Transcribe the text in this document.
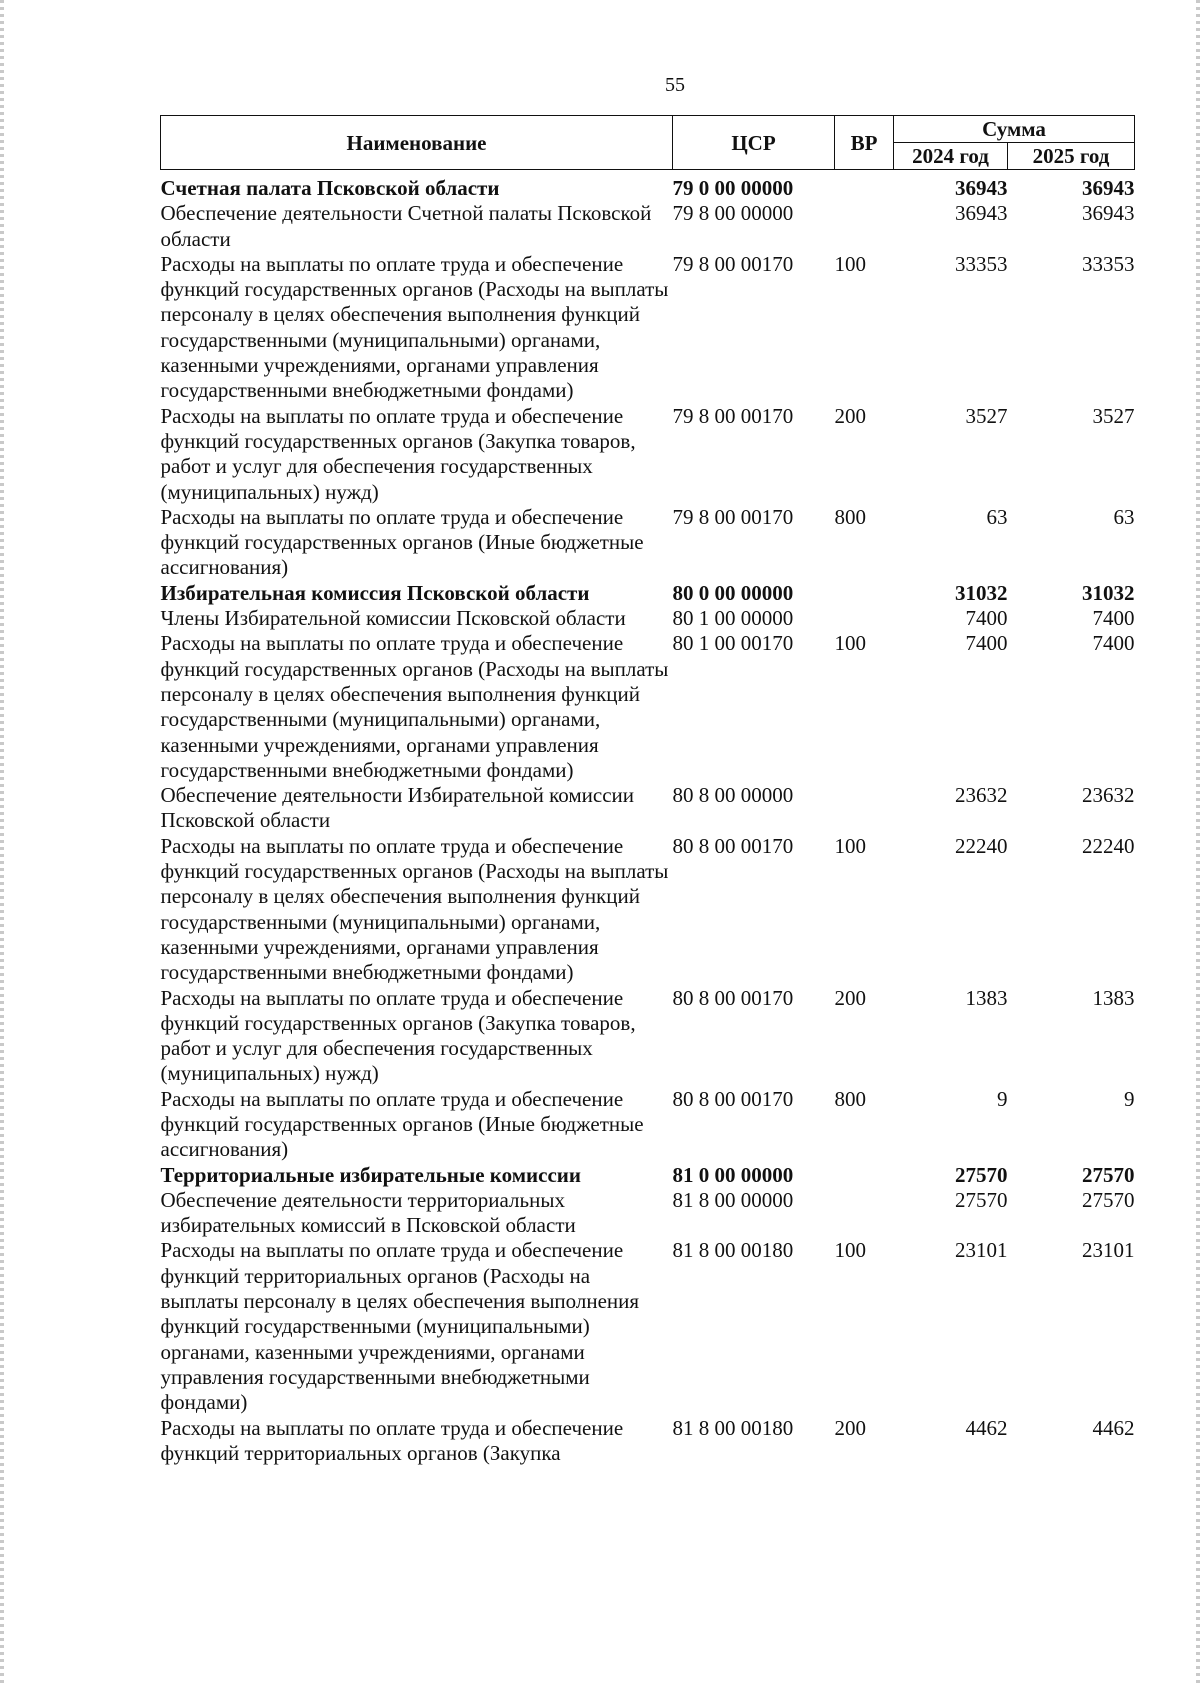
55
Наименование	ЦСР	ВР	Сумма	
			2024 год	2025 год
Счетная палата Псковской области	79 0 00 00000		36943	36943
Обеспечение деятельности Счетной палаты Псковской области	79 8 00 00000		36943	36943
Расходы на выплаты по оплате труда и обеспечение функций государственных органов (Расходы на выплаты персоналу в целях обеспечения выполнения функций государственными (муниципальными) органами, казенными учреждениями, органами управления государственными внебюджетными фондами)	79 8 00 00170	100	33353	33353
Расходы на выплаты по оплате труда и обеспечение функций государственных органов (Закупка товаров, работ и услуг для обеспечения государственных (муниципальных) нужд)	79 8 00 00170	200	3527	3527
Расходы на выплаты по оплате труда и обеспечение функций государственных органов (Иные бюджетные ассигнования)	79 8 00 00170	800	63	63
Избирательная комиссия Псковской области	80 0 00 00000		31032	31032
Члены Избирательной комиссии Псковской области	80 1 00 00000		7400	7400
Расходы на выплаты по оплате труда и обеспечение функций государственных органов (Расходы на выплаты персоналу в целях обеспечения выполнения функций государственными (муниципальными) органами, казенными учреждениями, органами управления государственными внебюджетными фондами)	80 1 00 00170	100	7400	7400
Обеспечение деятельности Избирательной комиссии Псковской области	80 8 00 00000		23632	23632
Расходы на выплаты по оплате труда и обеспечение функций государственных органов (Расходы на выплаты персоналу в целях обеспечения выполнения функций государственными (муниципальными) органами, казенными учреждениями, органами управления государственными внебюджетными фондами)	80 8 00 00170	100	22240	22240
Расходы на выплаты по оплате труда и обеспечение функций государственных органов (Закупка товаров, работ и услуг для обеспечения государственных (муниципальных) нужд)	80 8 00 00170	200	1383	1383
Расходы на выплаты по оплате труда и обеспечение функций государственных органов (Иные бюджетные ассигнования)	80 8 00 00170	800	9	9
Территориальные избирательные комиссии	81 0 00 00000		27570	27570
Обеспечение деятельности территориальных избирательных комиссий в Псковской области	81 8 00 00000		27570	27570
Расходы на выплаты по оплате труда и обеспечение функций территориальных органов (Расходы на выплаты персоналу в целях обеспечения выполнения функций государственными (муниципальными) органами, казенными учреждениями, органами управления государственными внебюджетными фондами)	81 8 00 00180	100	23101	23101
Расходы на выплаты по оплате труда и обеспечение функций территориальных органов (Закупка	81 8 00 00180	200	4462	4462
